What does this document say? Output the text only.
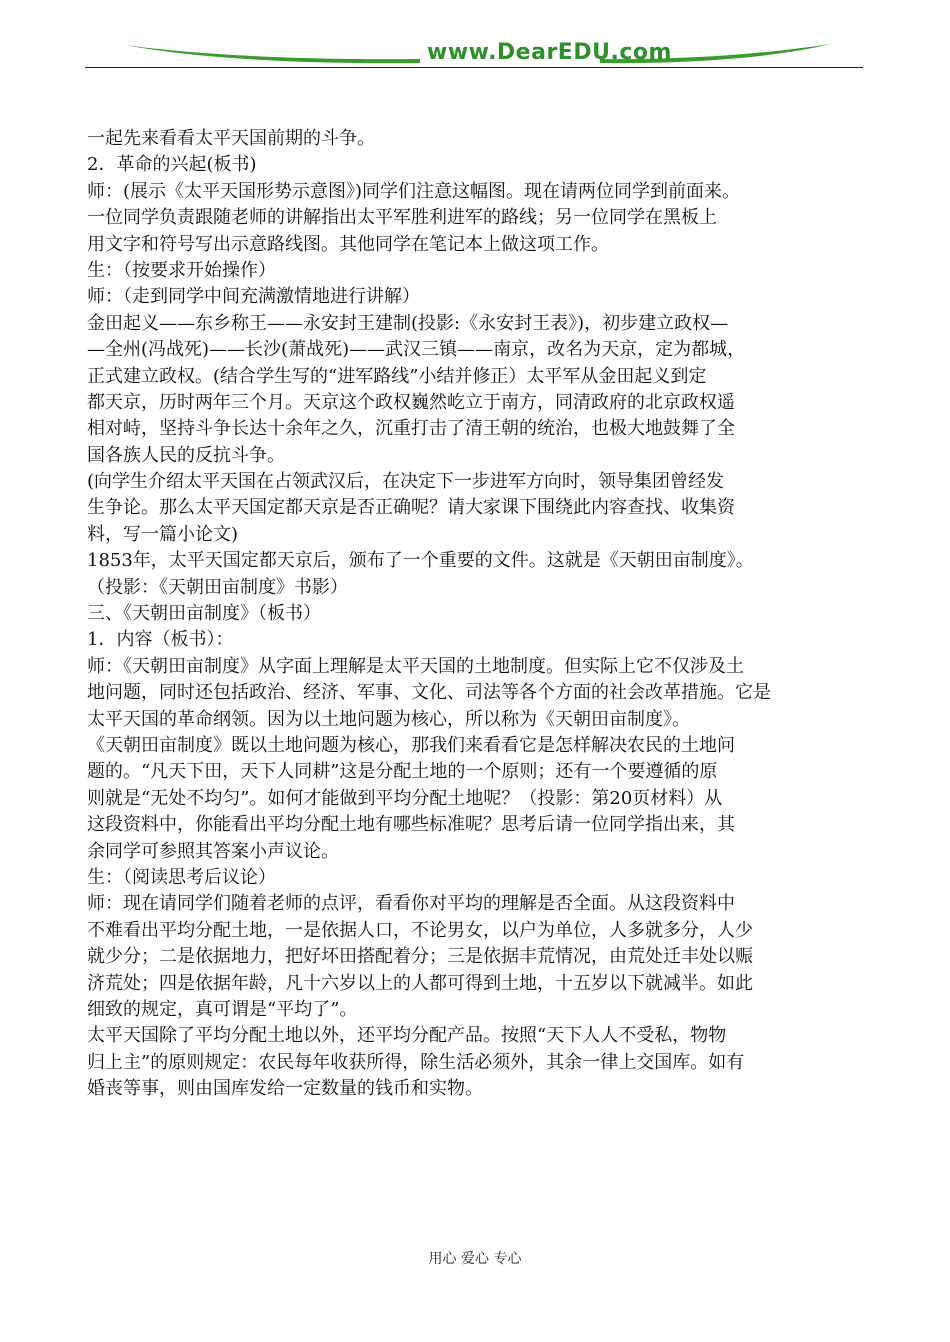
www.DearEDU.com
一起先来看看太平天国前期的斗争。
2．革命的兴起(板书)
师：(展示《太平天国形势示意图》)同学们注意这幅图。现在请两位同学到前面来。
一位同学负责跟随老师的讲解指出太平军胜利进军的路线；另一位同学在黑板上
用文字和符号写出示意路线图。其他同学在笔记本上做这项工作。
生：（按要求开始操作）
师：（走到同学中间充满激情地进行讲解）
金田起义——东乡称王——永安封王建制(投影:《永安封王表》)，初步建立政权—
—全州(冯战死)——长沙(萧战死)——武汉三镇——南京，改名为天京，定为都城，
正式建立政权。(结合学生写的“进军路线”小结并修正）太平军从金田起义到定
都天京，历时两年三个月。天京这个政权巍然屹立于南方，同清政府的北京政权遥
相对峙，坚持斗争长达十余年之久，沉重打击了清王朝的统治，也极大地鼓舞了全
国各族人民的反抗斗争。
(向学生介绍太平天国在占领武汉后，在决定下一步进军方向时，领导集团曾经发
生争论。那么太平天国定都天京是否正确呢？请大家课下围绕此内容查找、收集资
料，写一篇小论文)
1853年，太平天国定都天京后，颁布了一个重要的文件。这就是《天朝田亩制度》。
（投影：《天朝田亩制度》书影）
三、《天朝田亩制度》（板书）
1．内容（板书）：
师：《天朝田亩制度》从字面上理解是太平天国的土地制度。但实际上它不仅涉及土
地问题，同时还包括政治、经济、军事、文化、司法等各个方面的社会改革措施。它是
太平天国的革命纲领。因为以土地问题为核心，所以称为《天朝田亩制度》。
《天朝田亩制度》既以土地问题为核心，那我们来看看它是怎样解决农民的土地问
题的。“凡天下田，天下人同耕”这是分配土地的一个原则；还有一个要遵循的原
则就是“无处不均匀”。如何才能做到平均分配土地呢？（投影：第20页材料）从
这段资料中，你能看出平均分配土地有哪些标准呢？思考后请一位同学指出来，其
余同学可参照其答案小声议论。
生：（阅读思考后议论）
师：现在请同学们随着老师的点评，看看你对平均的理解是否全面。从这段资料中
不难看出平均分配土地，一是依据人口，不论男女，以户为单位，人多就多分，人少
就少分；二是依据地力，把好坏田搭配着分；三是依据丰荒情况，由荒处迁丰处以赈
济荒处；四是依据年龄，凡十六岁以上的人都可得到土地，十五岁以下就减半。如此
细致的规定，真可谓是“平均了”。
太平天国除了平均分配土地以外，还平均分配产品。按照“天下人人不受私，物物
归上主”的原则规定：农民每年收获所得，除生活必须外，其余一律上交国库。如有
婚丧等事，则由国库发给一定数量的钱币和实物。
用心 爱心 专心
